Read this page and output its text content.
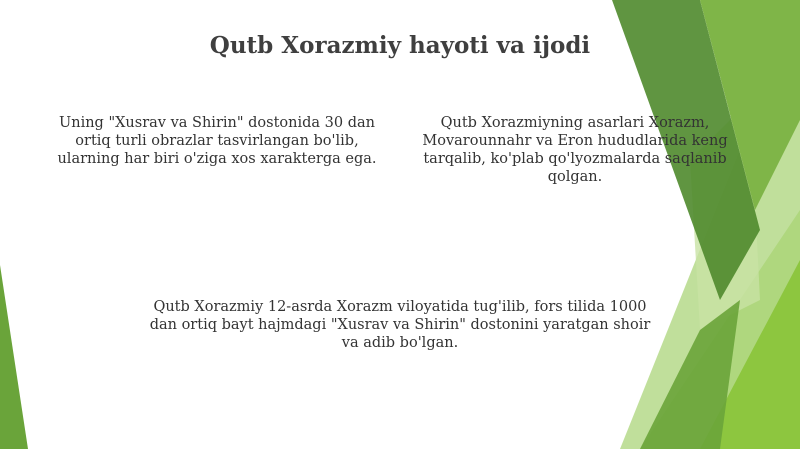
Qutb Xorazmiy hayoti va ijodi
Uning "Xusrav va Shirin" dostonida 30 dan ortiq turli obrazlar tasvirlangan bo'lib, ularning har biri o'ziga xos xarakterga ega.
Qutb Xorazmiyning asarlari Xorazm, Movarounnahr va Eron hududlarida keng tarqalib, ko'plab qo'lyozmalarda saqlanib qolgan.
Qutb Xorazmiy 12-asrda Xorazm viloyatida tug'ilib, fors tilida 1000 dan ortiq bayt hajmdagi "Xusrav va Shirin" dostonini yaratgan shoir va adib bo'lgan.
